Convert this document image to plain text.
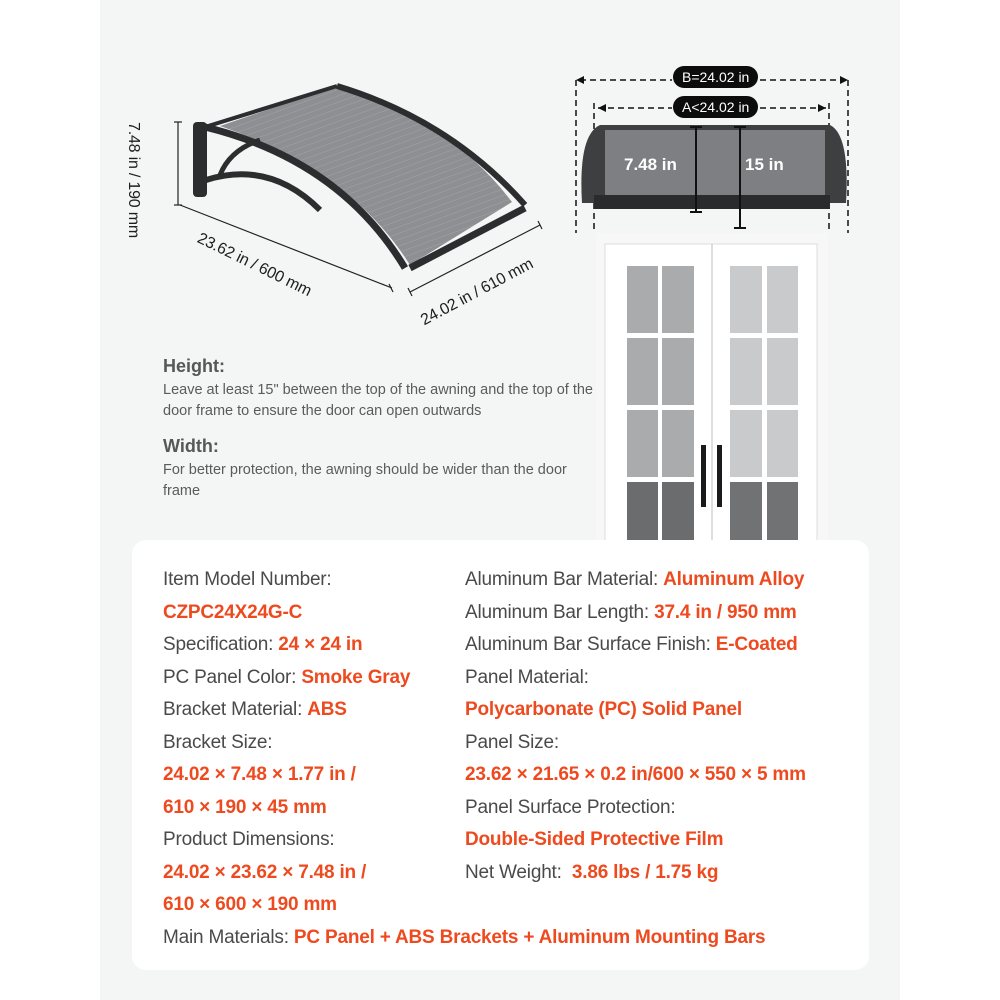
7.48 in / 190 mm
23.62 in / 600 mm	24.02 in / 610 mm
B=24.02 in
A<24.02 in
7.48 in	15 in
Height:
Leave at least 15" between the top of the awning and the top of the door frame to ensure the door can open outwards
Width:
For better protection, the awning should be wider than the door frame
Item Model Number:
CZPC24X24G-C
Specification: 24 × 24 in
PC Panel Color: Smoke Gray
Bracket Material: ABS
Bracket Size:
24.02 × 7.48 × 1.77 in /
610 × 190 × 45 mm
Product Dimensions:
24.02 × 23.62 × 7.48 in /
610 × 600 × 190 mm
Aluminum Bar Material: Aluminum Alloy
Aluminum Bar Length: 37.4 in / 950 mm
Aluminum Bar Surface Finish: E-Coated
Panel Material:
Polycarbonate (PC) Solid Panel
Panel Size:
23.62 × 21.65 × 0.2 in/600 × 550 × 5 mm
Panel Surface Protection:
Double-Sided Protective Film
Net Weight:  3.86 lbs / 1.75 kg
Main Materials: PC Panel + ABS Brackets + Aluminum Mounting Bars
